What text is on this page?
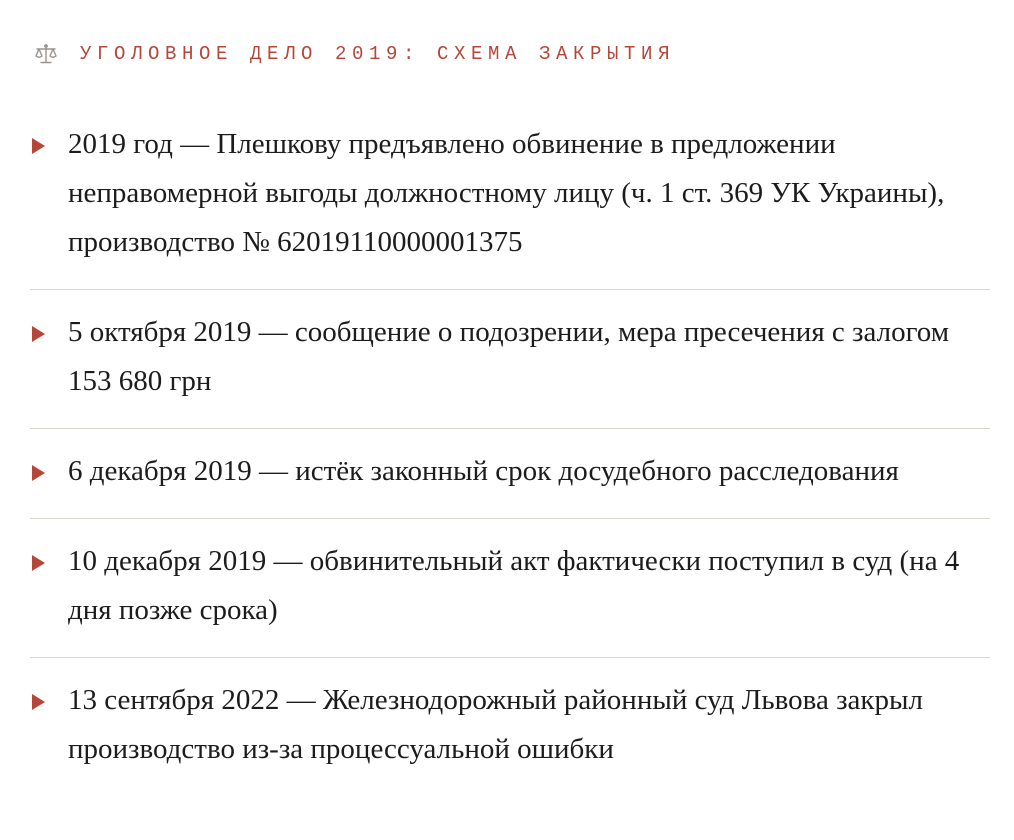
УГОЛОВНОЕ ДЕЛО 2019: СХЕМА ЗАКРЫТИЯ

2019 год — Плешкову предъявлено обвинение в предложении неправомерной выгоды должностному лицу (ч. 1 ст. 369 УК Украины), производство № 62019110000001375

5 октября 2019 — сообщение о подозрении, мера пресечения с залогом 153 680 грн

6 декабря 2019 — истёк законный срок досудебного расследования

10 декабря 2019 — обвинительный акт фактически поступил в суд (на 4 дня позже срока)

13 сентября 2022 — Железнодорожный районный суд Львова закрыл производство из-за процессуальной ошибки
